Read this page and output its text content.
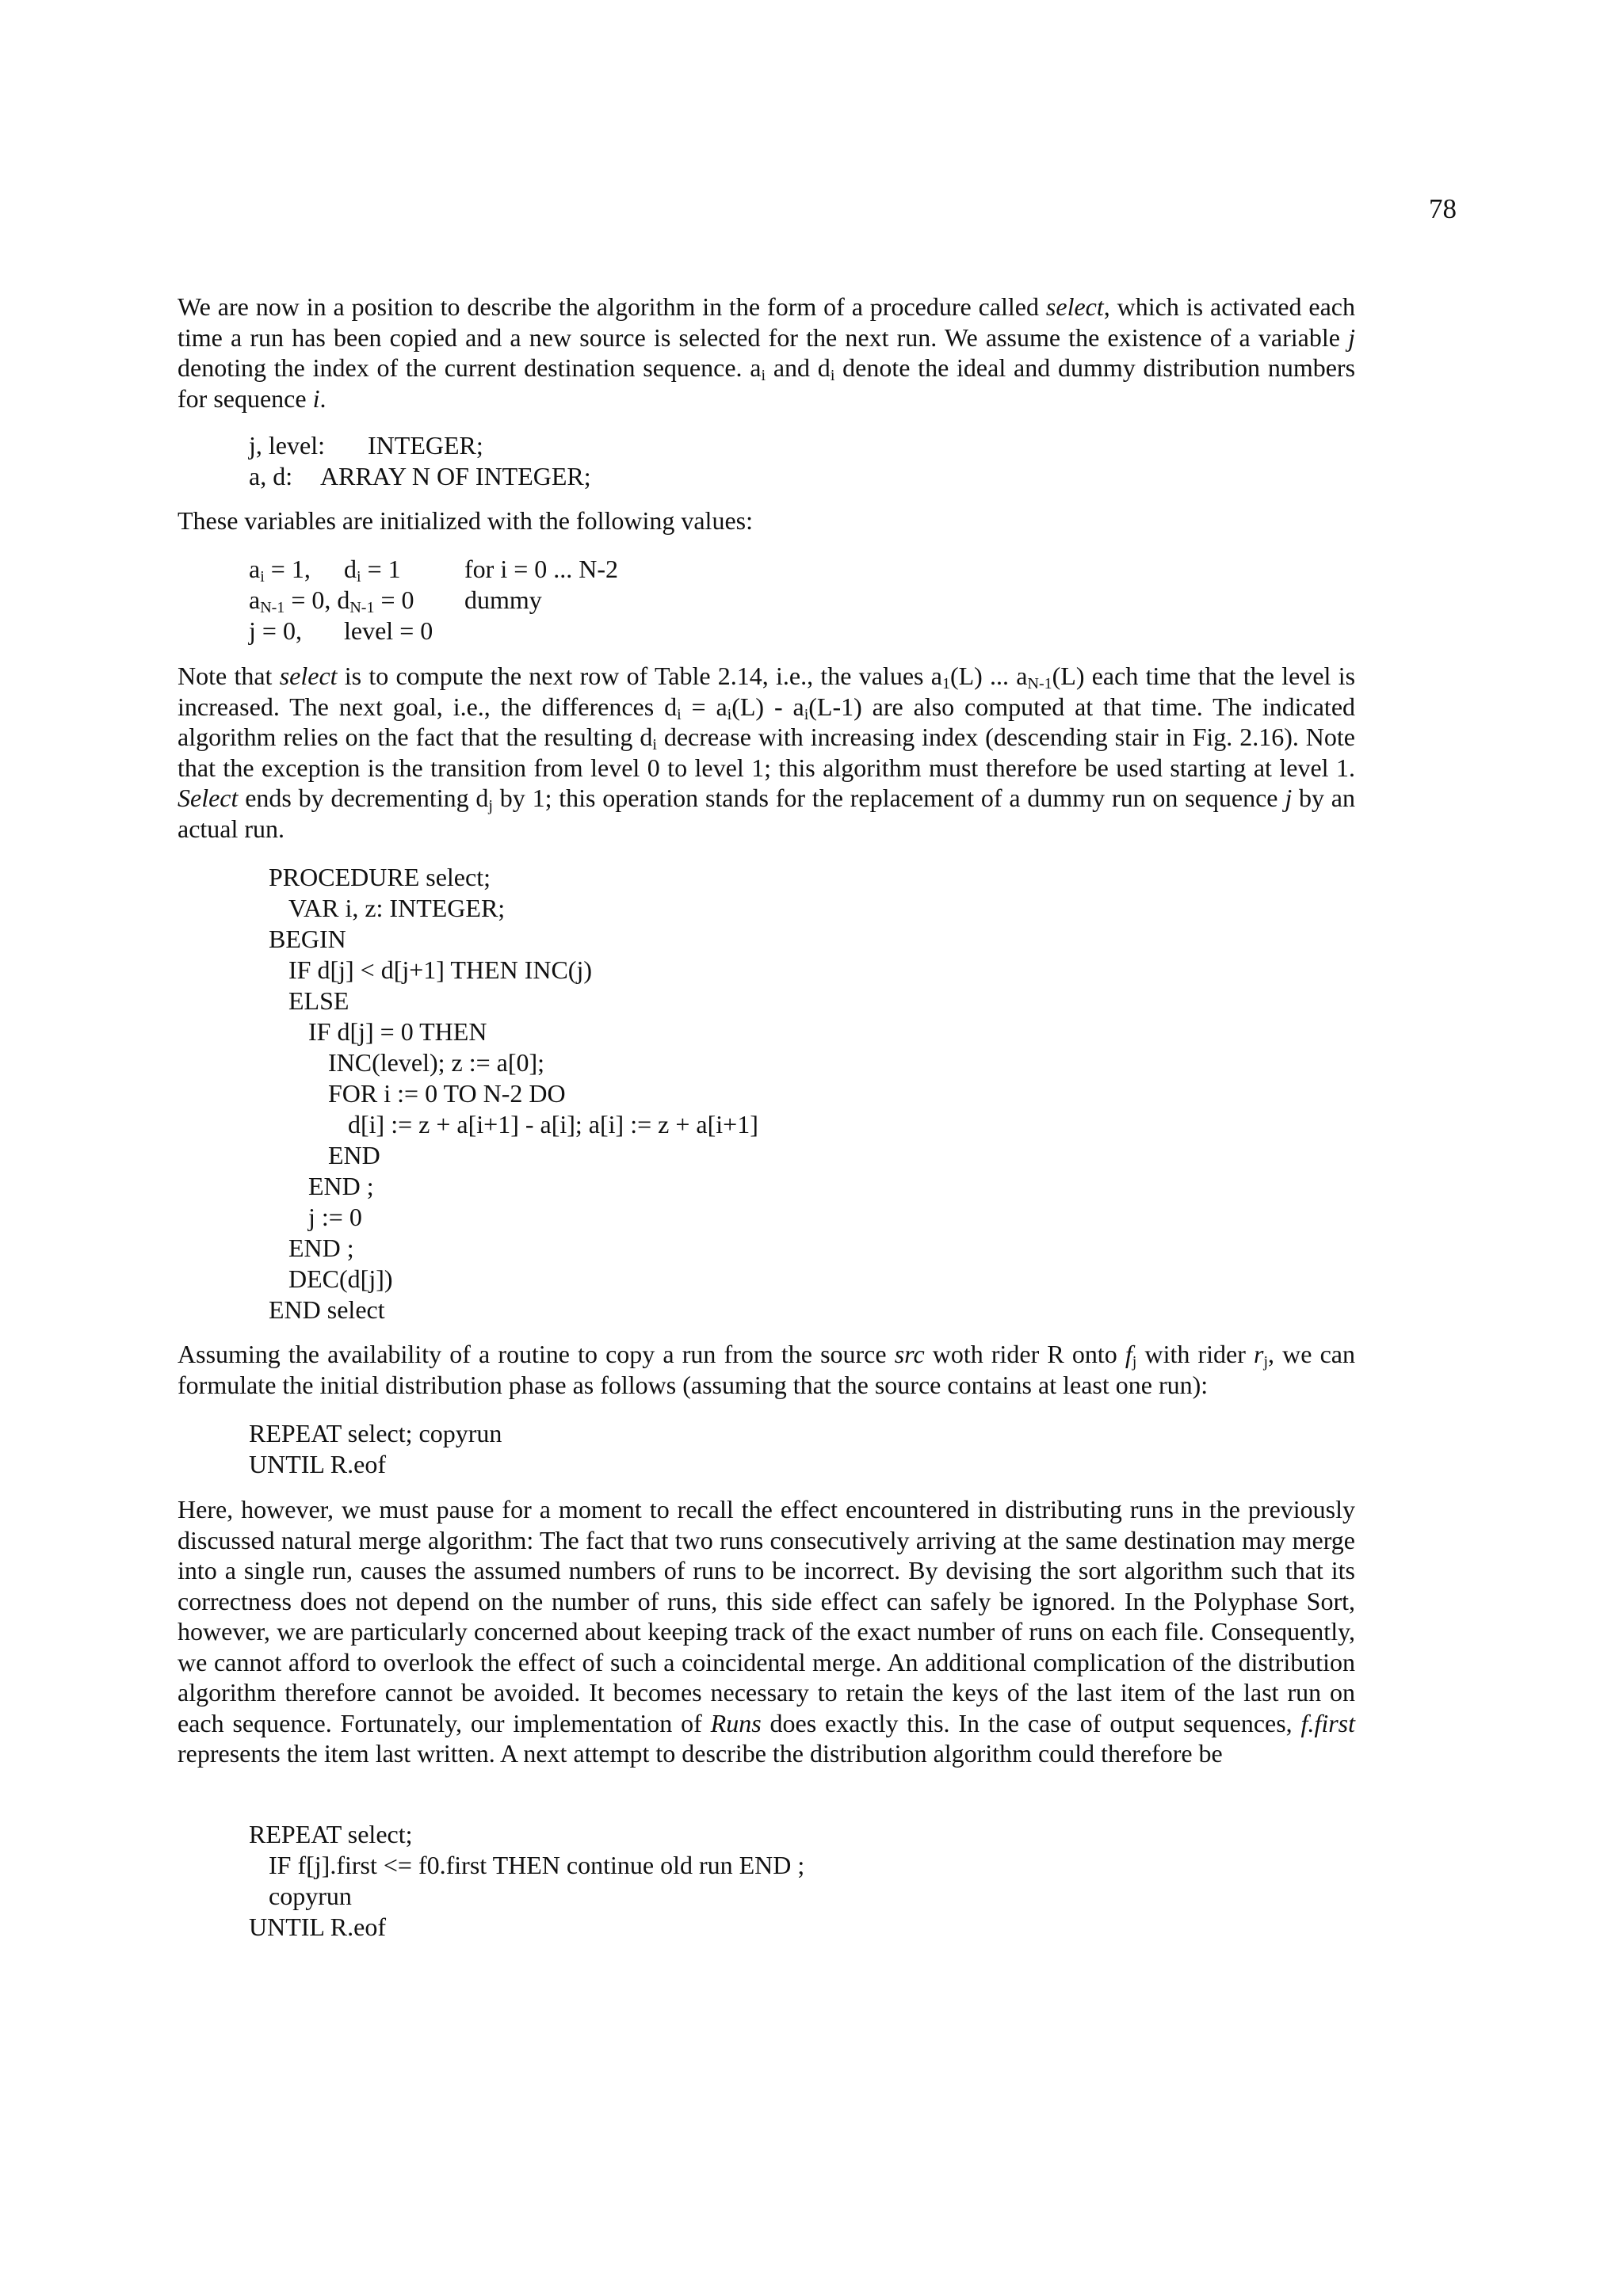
78

We are now in a position to describe the algorithm in the form of a procedure called select, which is activated each time a run has been copied and a new source is selected for the next run. We assume the existence of a variable j denoting the index of the current destination sequence. $a_i$ and $d_i$ denote the ideal and dummy distribution numbers for sequence i.

j, level: INTEGER;
a, d: ARRAY N OF INTEGER;

These variables are initialized with the following values:

$a_i = 1$, $d_i = 1$	for i = 0 ... N-2
$a_{N-1} = 0$, $d_{N-1} = 0$ dummy
j = 0, level = 0

Note that select is to compute the next row of Table 2.14, i.e., the values $a_1(L)$ ... $a_{N-1}(L)$ each time that the level is increased. The next goal, i.e., the differences $d_i = a_i(L) - a_i(L-1)$ are also computed at that time. The indicated algorithm relies on the fact that the resulting $d_i$ decrease with increasing index (descending stair in Fig. 2.16). Note that the exception is the transition from level 0 to level 1; this algorithm must therefore be used starting at level 1. Select ends by decrementing $d_j$ by 1; this operation stands for the replacement of a dummy run on sequence j by an actual run.

PROCEDURE select;
VAR i, z: INTEGER;
BEGIN
IF d[j] < d[j+1] THEN INC(j)
ELSE
IF d[j] = 0 THEN
INC(level); z := a[0];
FOR i := 0 TO N-2 DO
d[i] := z + a[i+1] - a[i]; a[i] := z + a[i+1]
END
END ;
j := 0
END ;
DEC(d[j])
END select

Assuming the availability of a routine to copy a run from the source src woth rider R onto $f_j$ with rider $r_j$, we can formulate the initial distribution phase as follows (assuming that the source contains at least one run):

REPEAT select; copyrun
UNTIL R.eof

Here, however, we must pause for a moment to recall the effect encountered in distributing runs in the previously discussed natural merge algorithm: The fact that two runs consecutively arriving at the same destination may merge into a single run, causes the assumed numbers of runs to be incorrect. By devising the sort algorithm such that its correctness does not depend on the number of runs, this side effect can safely be ignored. In the Polyphase Sort, however, we are particularly concerned about keeping track of the exact number of runs on each file. Consequently, we cannot afford to overlook the effect of such a coincidental merge. An additional complication of the distribution algorithm therefore cannot be avoided. It becomes necessary to retain the keys of the last item of the last run on each sequence. Fortunately, our implementation of Runs does exactly this. In the case of output sequences, f.first represents the item last written. A next attempt to describe the distribution algorithm could therefore be

REPEAT select;
IF f[j].first <= f0.first THEN continue old run END ;
copyrun
UNTIL R.eof
